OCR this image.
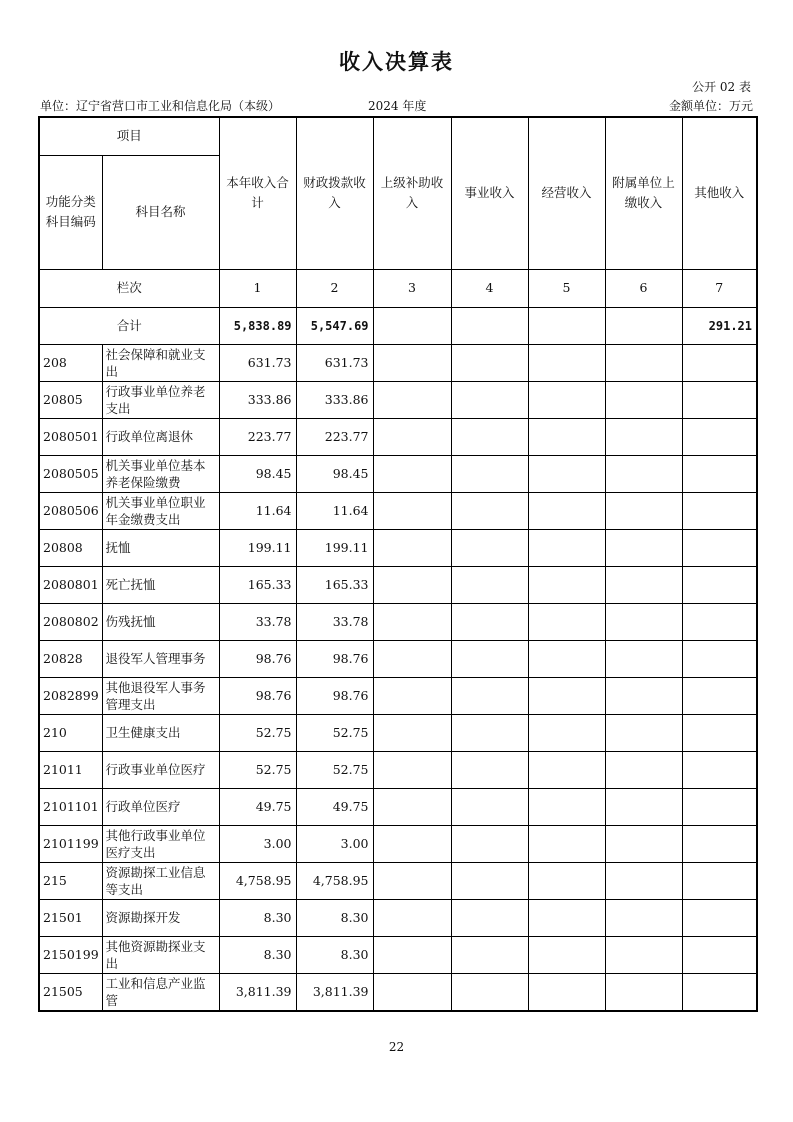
收入决算表
公开 02 表
单位：辽宁省营口市工业和信息化局（本级）	2024 年度	金额单位：万元
项目		本年收入合计	财政拨款收入	上级补助收入	事业收入	经营收入	附属单位上缴收入	其他收入
功能分类科目编码	科目名称							
栏次		1	2	3	4	5	6	7
合计		5,838.89	5,547.69					291.21
208	社会保障和就业支出	631.73	631.73					
20805	行政事业单位养老支出	333.86	333.86					
2080501	行政单位离退休	223.77	223.77					
2080505	机关事业单位基本养老保险缴费	98.45	98.45					
2080506	机关事业单位职业年金缴费支出	11.64	11.64					
20808	抚恤	199.11	199.11					
2080801	死亡抚恤	165.33	165.33					
2080802	伤残抚恤	33.78	33.78					
20828	退役军人管理事务	98.76	98.76					
2082899	其他退役军人事务管理支出	98.76	98.76					
210	卫生健康支出	52.75	52.75					
21011	行政事业单位医疗	52.75	52.75					
2101101	行政单位医疗	49.75	49.75					
2101199	其他行政事业单位医疗支出	3.00	3.00					
215	资源勘探工业信息等支出	4,758.95	4,758.95					
21501	资源勘探开发	8.30	8.30					
2150199	其他资源勘探业支出	8.30	8.30					
21505	工业和信息产业监管	3,811.39	3,811.39					
22
